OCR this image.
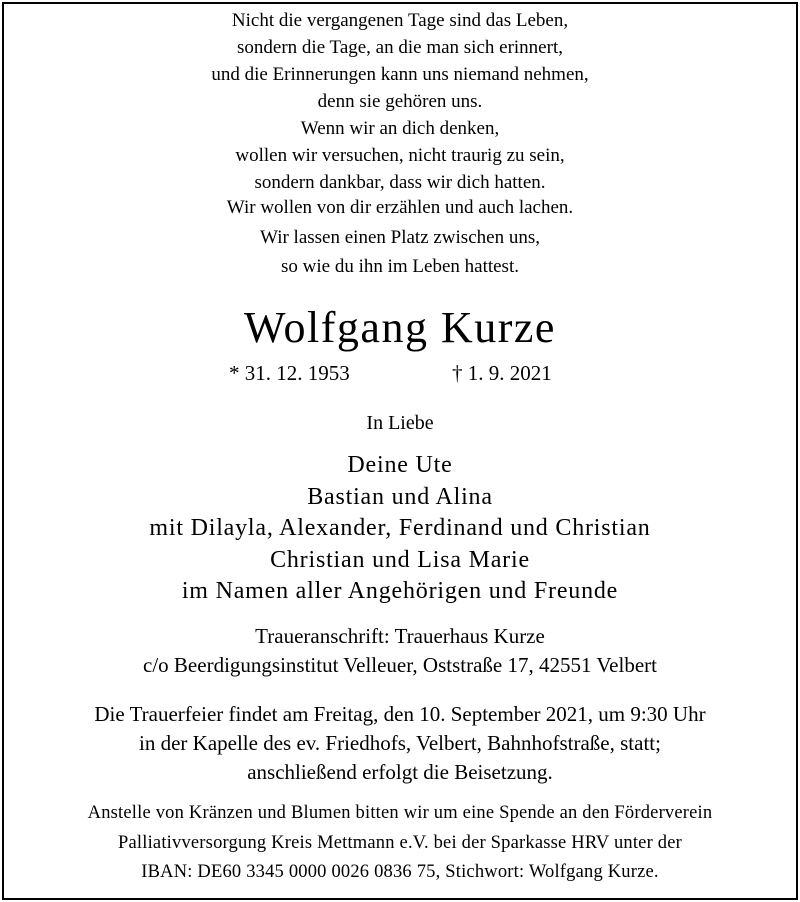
Nicht die vergangenen Tage sind das Leben,
sondern die Tage, an die man sich erinnert,
und die Erinnerungen kann uns niemand nehmen,
denn sie gehören uns.
Wenn wir an dich denken,
wollen wir versuchen, nicht traurig zu sein,
sondern dankbar, dass wir dich hatten.
Wir wollen von dir erzählen und auch lachen.
Wir lassen einen Platz zwischen uns,
so wie du ihn im Leben hattest.
Wolfgang Kurze
* 31. 12. 1953	† 1. 9. 2021
In Liebe
Deine Ute
Bastian und Alina
mit Dilayla, Alexander, Ferdinand und Christian
Christian und Lisa Marie
im Namen aller Angehörigen und Freunde
Traueranschrift: Trauerhaus Kurze
c/o Beerdigungsinstitut Velleuer, Oststraße 17, 42551 Velbert
Die Trauerfeier findet am Freitag, den 10. September 2021, um 9:30 Uhr
in der Kapelle des ev. Friedhofs, Velbert, Bahnhofstraße, statt;
anschließend erfolgt die Beisetzung.
Anstelle von Kränzen und Blumen bitten wir um eine Spende an den Förderverein
Palliativversorgung Kreis Mettmann e.V. bei der Sparkasse HRV unter der
IBAN: DE60 3345 0000 0026 0836 75, Stichwort: Wolfgang Kurze.
